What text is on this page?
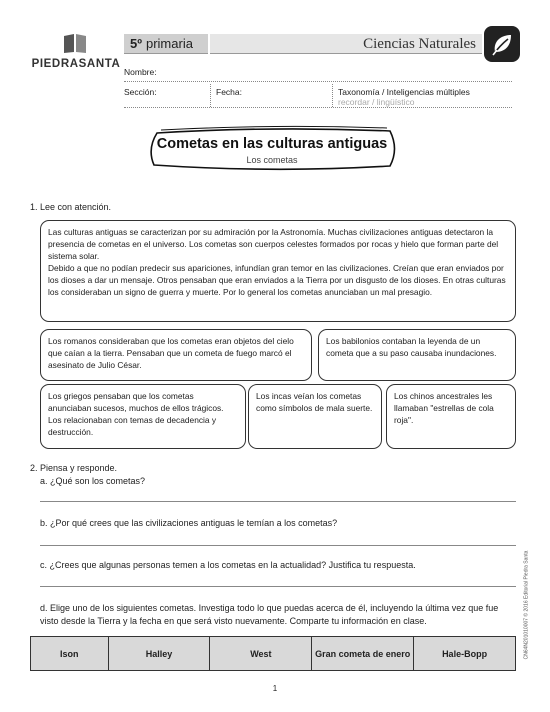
PIEDRASANTA
5º primaria	Ciencias Naturales
Nombre:
Sección:	Fecha:	Taxonomía / Inteligencias múltiples
recordar / lingüístico
Cometas en las culturas antiguas
Los cometas
1. Lee con atención.
Las culturas antiguas se caracterizan por su admiración por la Astronomía. Muchas civilizaciones antiguas detectaron la presencia de cometas en el universo. Los cometas son cuerpos celestes formados por rocas y hielo que forman parte del sistema solar.
Debido a que no podían predecir sus apariciones, infundían gran temor en las civilizaciones. Creían que eran enviados por los dioses a dar un mensaje. Otros pensaban que eran enviados a la Tierra por un disgusto de los dioses. En otras culturas los consideraban un signo de guerra y muerte. Por lo general los cometas anunciaban un mal presagio.
Los romanos consideraban que los cometas eran objetos del cielo que caían a la tierra. Pensaban que un cometa de fuego marcó el asesinato de Julio César.
Los babilonios contaban la leyenda de un cometa que a su paso causaba inundaciones.
Los griegos pensaban que los cometas anunciaban sucesos, muchos de ellos trágicos. Los relacionaban con temas de decadencia y destrucción.
Los incas veían los cometas como símbolos de mala suerte.
Los chinos ancestrales les llamaban "estrellas de cola roja".
2. Piensa y responde.
a. ¿Qué son los cometas?
b. ¿Por qué crees que las civilizaciones antiguas le temían a los cometas?
c. ¿Crees que algunas personas temen a los cometas en la actualidad? Justifica tu respuesta.
d. Elige uno de los siguientes cometas. Investiga todo lo que puedas acerca de él, incluyendo la última vez que fue visto desde la Tierra y la fecha en que será visto nuevamente. Comparte tu información en clase.
Ison	Halley	West	Gran cometa de enero	Hale-Bopp	CN64N201010007 © 2016 Editorial Piedra Santa
1
